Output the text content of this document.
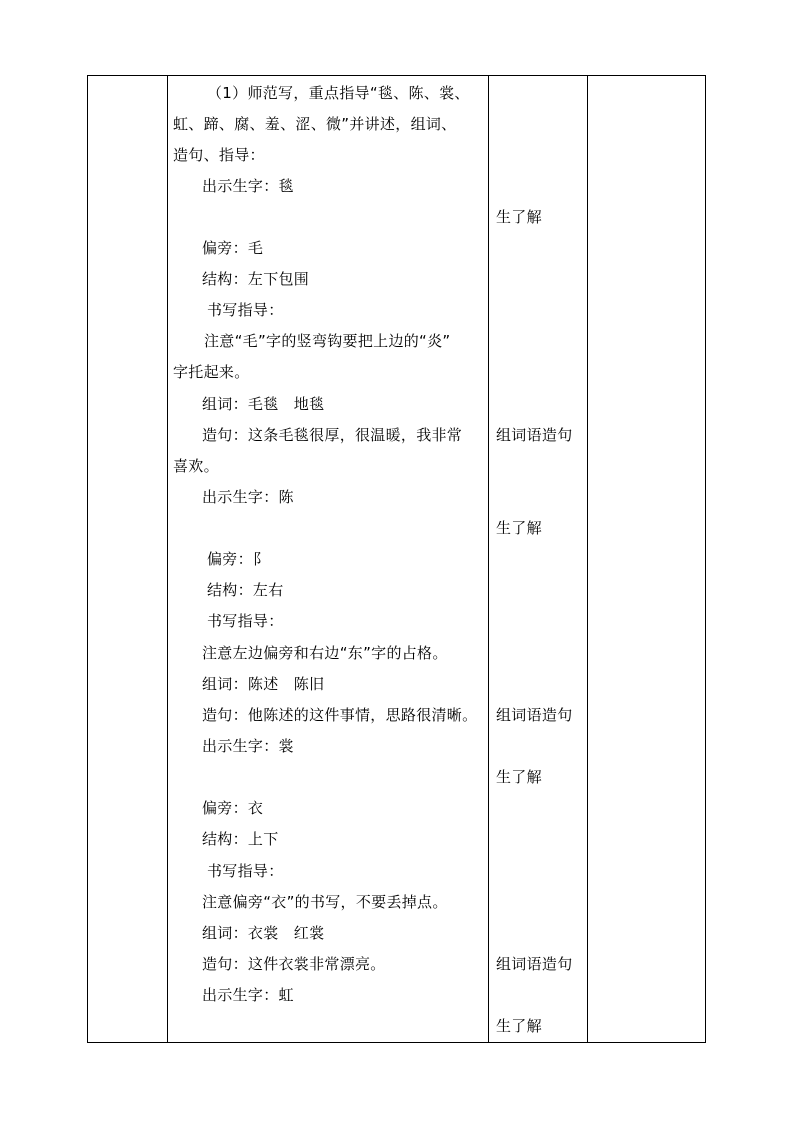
（1）师范写，重点指导“毯、陈、裳、
虹、蹄、腐、羞、涩、微”并讲述，组词、
造句、指导：
出示生字：毯
偏旁：毛
结构：左下包围
书写指导：
注意“毛”字的竖弯钩要把上边的“炎”
字托起来。
组词：毛毯　地毯
造句：这条毛毯很厚，很温暖，我非常
喜欢。
出示生字：陈
偏旁：阝
结构：左右
书写指导：
注意左边偏旁和右边“东”字的占格。
组词：陈述　陈旧
造句：他陈述的这件事情，思路很清晰。
出示生字：裳
偏旁：衣
结构：上下
书写指导：
注意偏旁“衣”的书写，不要丢掉点。
组词：衣裳　红裳
造句：这件衣裳非常漂亮。
出示生字：虹
生了解
组词语造句
生了解
组词语造句
生了解
组词语造句
生了解
